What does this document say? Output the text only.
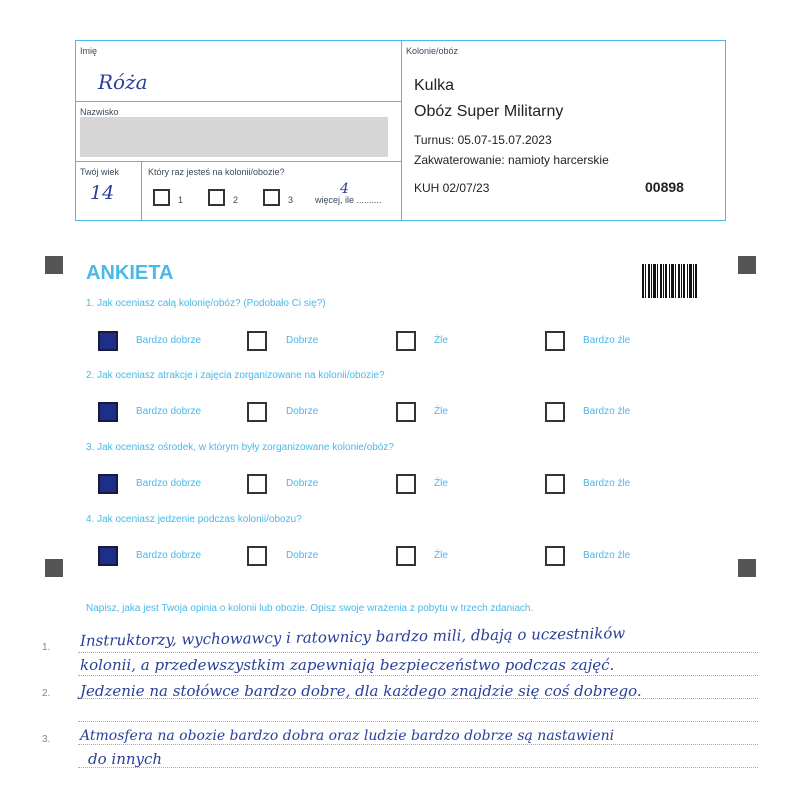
Imię
Róża
Nazwisko
Twój wiek
14
Który raz jesteś na kolonii/obozie?
1	2	3 więcej, ile ..........
4
Kolonie/obóz
Kulka
Obóz Super Militarny
Turnus: 05.07-15.07.2023
Zakwaterowanie: namioty harcerskie
KUH 02/07/23	00898
ANKIETA
1. Jak oceniasz całą kolonię/obóz? (Podobało Ci się?)
Bardzo dobrze	Dobrze	Źle	Bardzo źle
2. Jak oceniasz atrakcje i zajęcia zorganizowane na kolonii/obozie?
Bardzo dobrze	Dobrze	Źle	Bardzo źle
3. Jak oceniasz ośrodek, w którym były zorganizowane kolonie/obóz?
Bardzo dobrze	Dobrze	Źle	Bardzo źle
4. Jak oceniasz jedzenie podczas kolonii/obozu?
Bardzo dobrze	Dobrze	Źle	Bardzo źle
Napisz, jaka jest Twoja opinia o kolonii lub obozie. Opisz swoje wrażenia z pobytu w trzech zdaniach.
1.
2.
3.
Instruktorzy, wychowawcy i ratownicy bardzo mili, dbają o uczestników
kolonii, a przedewszystkim zapewniają bezpieczeństwo podczas zajęć.
Jedzenie na stołówce bardzo dobre, dla każdego znajdzie się coś dobrego.
Atmosfera na obozie bardzo dobra oraz ludzie bardzo dobrze są nastawieni
do innych
